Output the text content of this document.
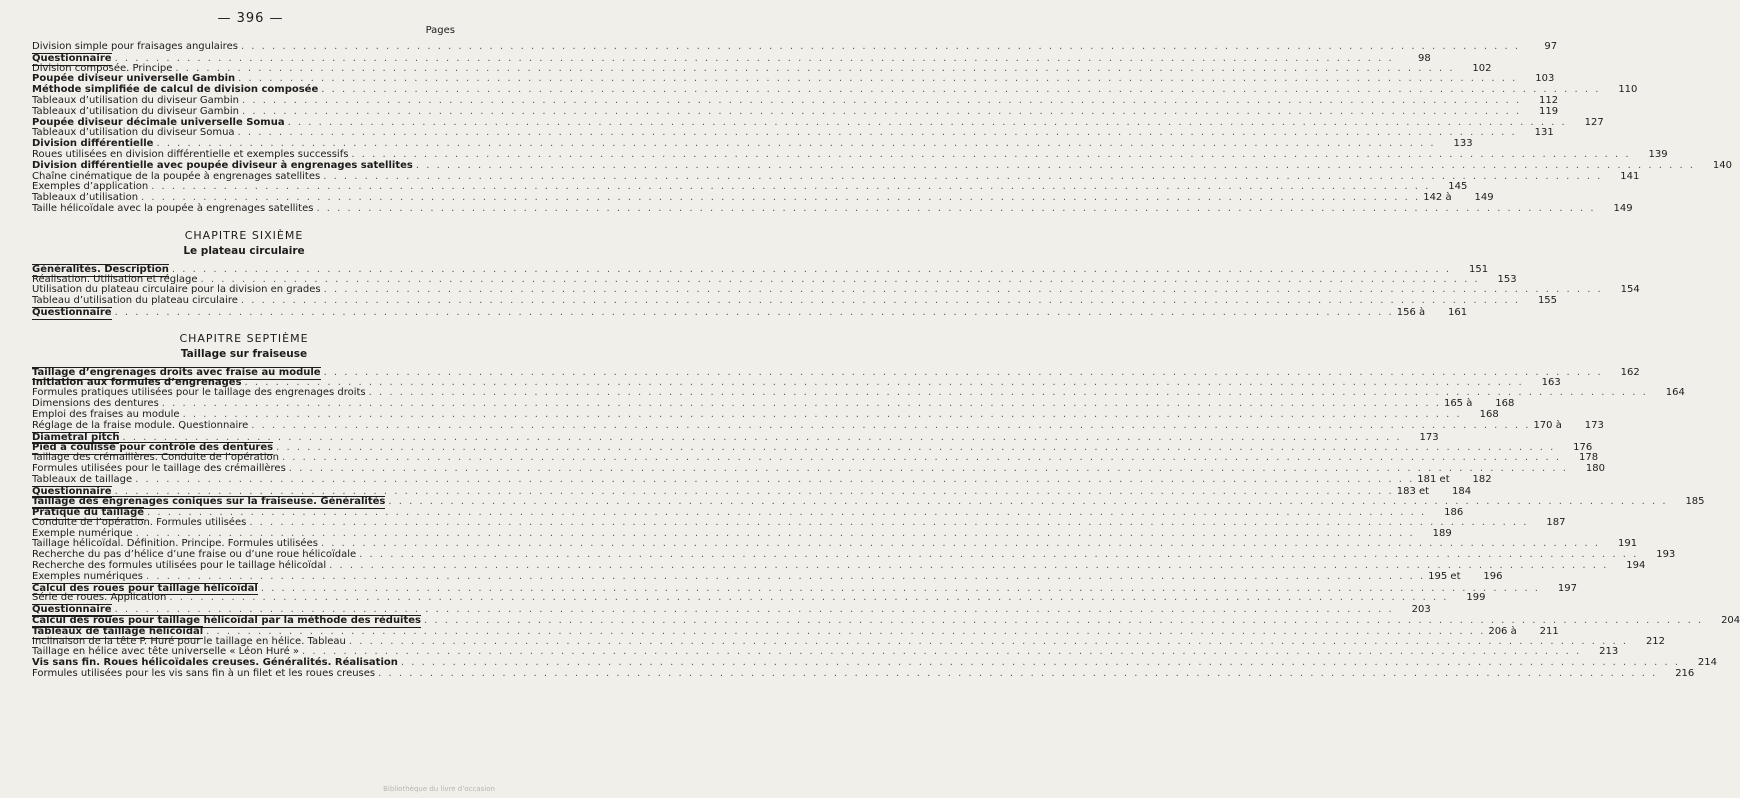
— 396 —
Pages
Division simple pour fraisages angulaires . . .	97
Questionnaire . . .	98
Division composée. Principe . . .	102
Poupée diviseur universelle Gambin . . .	103
Méthode simplifiée de calcul de division composée . . .	110
Tableaux d’utilisation du diviseur Gambin . . .	112
Tableaux d’utilisation du diviseur Gambin . . .	119
Poupée diviseur décimale universelle Somua . . .	127
Tableaux d’utilisation du diviseur Somua . . .	131
Division différentielle . . .	133
Roues utilisées en division différentielle et exemples successifs . . .	139
Division différentielle avec poupée diviseur à engrenages satellites . . .	140
Chaîne cinématique de la poupée à engrenages satellites . . .	141
Exemples d’application . . .	145
Tableaux d’utilisation . . .	142 à	149
Taille hélicoïdale avec la poupée à engrenages satellites . . .	149
CHAPITRE SIXIÈME
Le plateau circulaire
Généralités. Description . . .	151
Réalisation. Utilisation et réglage . . .	153
Utilisation du plateau circulaire pour la division en grades . . .	154
Tableau d’utilisation du plateau circulaire . . .	155
Questionnaire . . .	156 à	161
CHAPITRE SEPTIÈME
Taillage sur fraiseuse
Taillage d’engrenages droits avec fraise au module . . .	162
Initiation aux formules d’engrenages . . .	163
Formules pratiques utilisées pour le taillage des engrenages droits . . .	164
Dimensions des dentures . . .	165 à	168
Emploi des fraises au module . . .	168
Réglage de la fraise module. Questionnaire . . .	170 à	173
Diametral pitch . . .	173
Pied à coulisse pour contrôle des dentures . . .	176
Taillage des crémaillères. Conduite de l’opération . . .	178
Formules utilisées pour le taillage des crémaillères . . .	180
Tableaux de taillage . . .	181 et	182
Questionnaire . . .	183 et	184
Taillage des engrenages coniques sur la fraiseuse. Généralités . . .	185
Pratique du taillage . . .	186
Conduite de l’opération. Formules utilisées . . .	187
Exemple numérique . . .	189
Taillage hélicoïdal. Définition. Principe. Formules utilisées . . .	191
Recherche du pas d’hélice d’une fraise ou d’une roue hélicoïdale . . .	193
Recherche des formules utilisées pour le taillage hélicoïdal . . .	194
Exemples numériques . . .	195 et	196
Calcul des roues pour taillage hélicoïdal . . .	197
Série de roues. Application . . .	199
Questionnaire . . .	203
Calcul des roues pour taillage hélicoïdal par la méthode des réduites . . .	204
Tableaux de taillage hélicoïdal . . .	206 à	211
Inclinaison de la tête P. Huré pour le taillage en hélice. Tableau . . .	212
Taillage en hélice avec tête universelle « Léon Huré » . . .	213
Vis sans fin. Roues hélicoïdales creuses. Généralités. Réalisation . . .	214
Formules utilisées pour les vis sans fin à un filet et les roues creuses . . .	216
Bibliothèque du livre d’occasion
